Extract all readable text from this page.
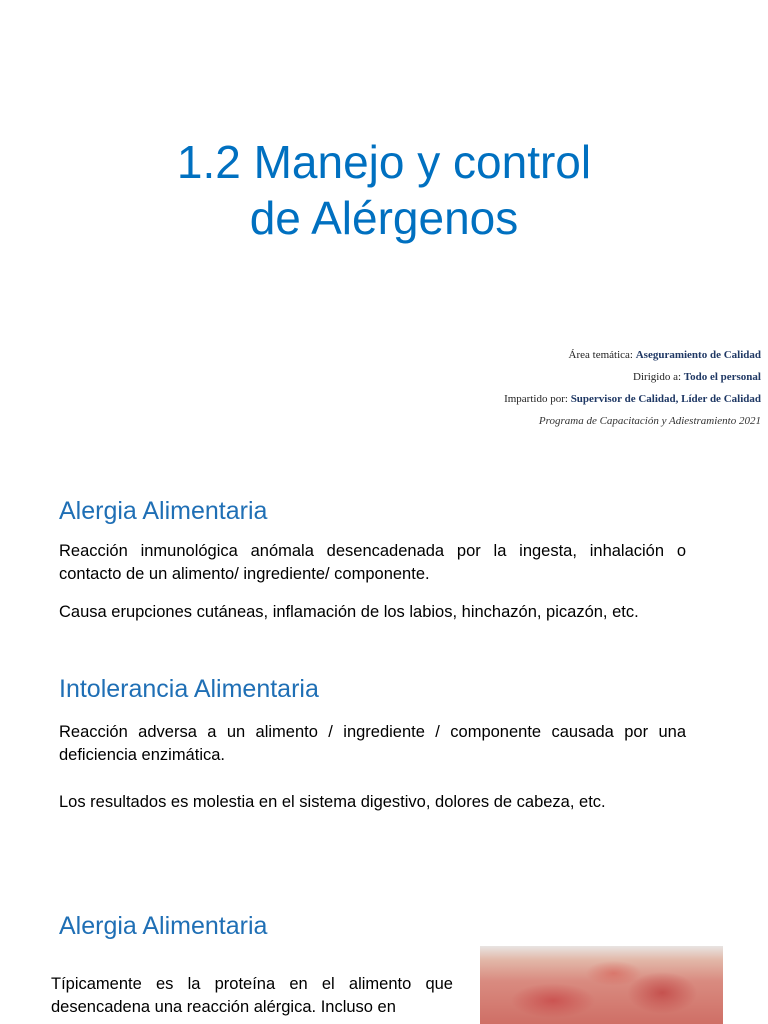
1.2 Manejo y control
de Alérgenos
Área temática: Aseguramiento de Calidad
Dirigido a: Todo el personal
Impartido por: Supervisor de Calidad, Líder de Calidad
Programa de Capacitación y Adiestramiento 2021
Alergia Alimentaria

Reacción inmunológica anómala desencadenada por la ingesta, inhalación o contacto de un alimento/ ingrediente/ componente.

Causa erupciones cutáneas, inflamación de los labios, hinchazón, picazón, etc.

Intolerancia Alimentaria

Reacción adversa a un alimento / ingrediente / componente causada por una deficiencia enzimática.

Los resultados es molestia en el sistema digestivo, dolores de cabeza, etc.

Alergia Alimentaria

Típicamente es la proteína en el alimento que desencadena una reacción alérgica. Incluso en
